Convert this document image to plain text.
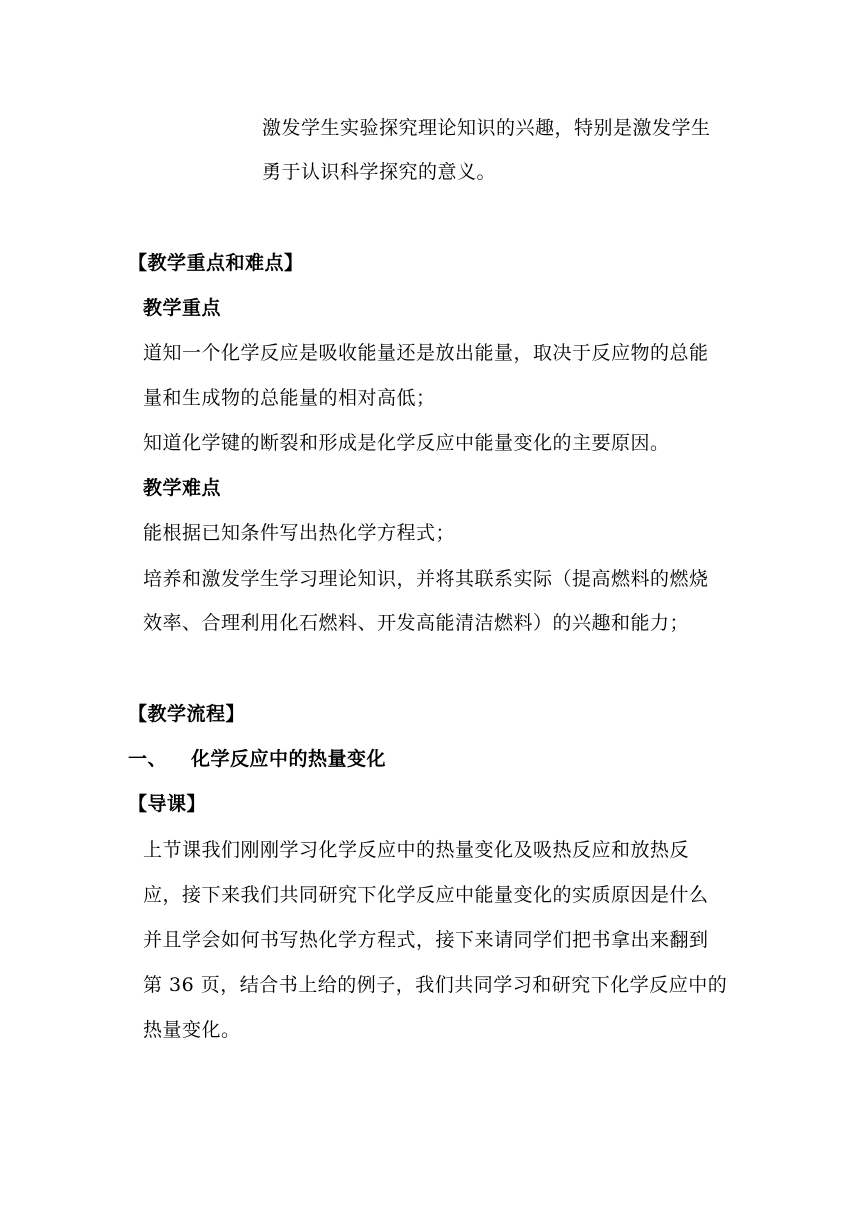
激发学生实验探究理论知识的兴趣，特别是激发学生
勇于认识科学探究的意义。
【教学重点和难点】
教学重点
道知一个化学反应是吸收能量还是放出能量，取决于反应物的总能
量和生成物的总能量的相对高低；
知道化学键的断裂和形成是化学反应中能量变化的主要原因。
教学难点
能根据已知条件写出热化学方程式；
培养和激发学生学习理论知识，并将其联系实际（提高燃料的燃烧
效率、合理利用化石燃料、开发高能清洁燃料）的兴趣和能力；
【教学流程】
一、 化学反应中的热量变化
【导课】
上节课我们刚刚学习化学反应中的热量变化及吸热反应和放热反
应，接下来我们共同研究下化学反应中能量变化的实质原因是什么
并且学会如何书写热化学方程式，接下来请同学们把书拿出来翻到
第 36 页，结合书上给的例子，我们共同学习和研究下化学反应中的
热量变化。
